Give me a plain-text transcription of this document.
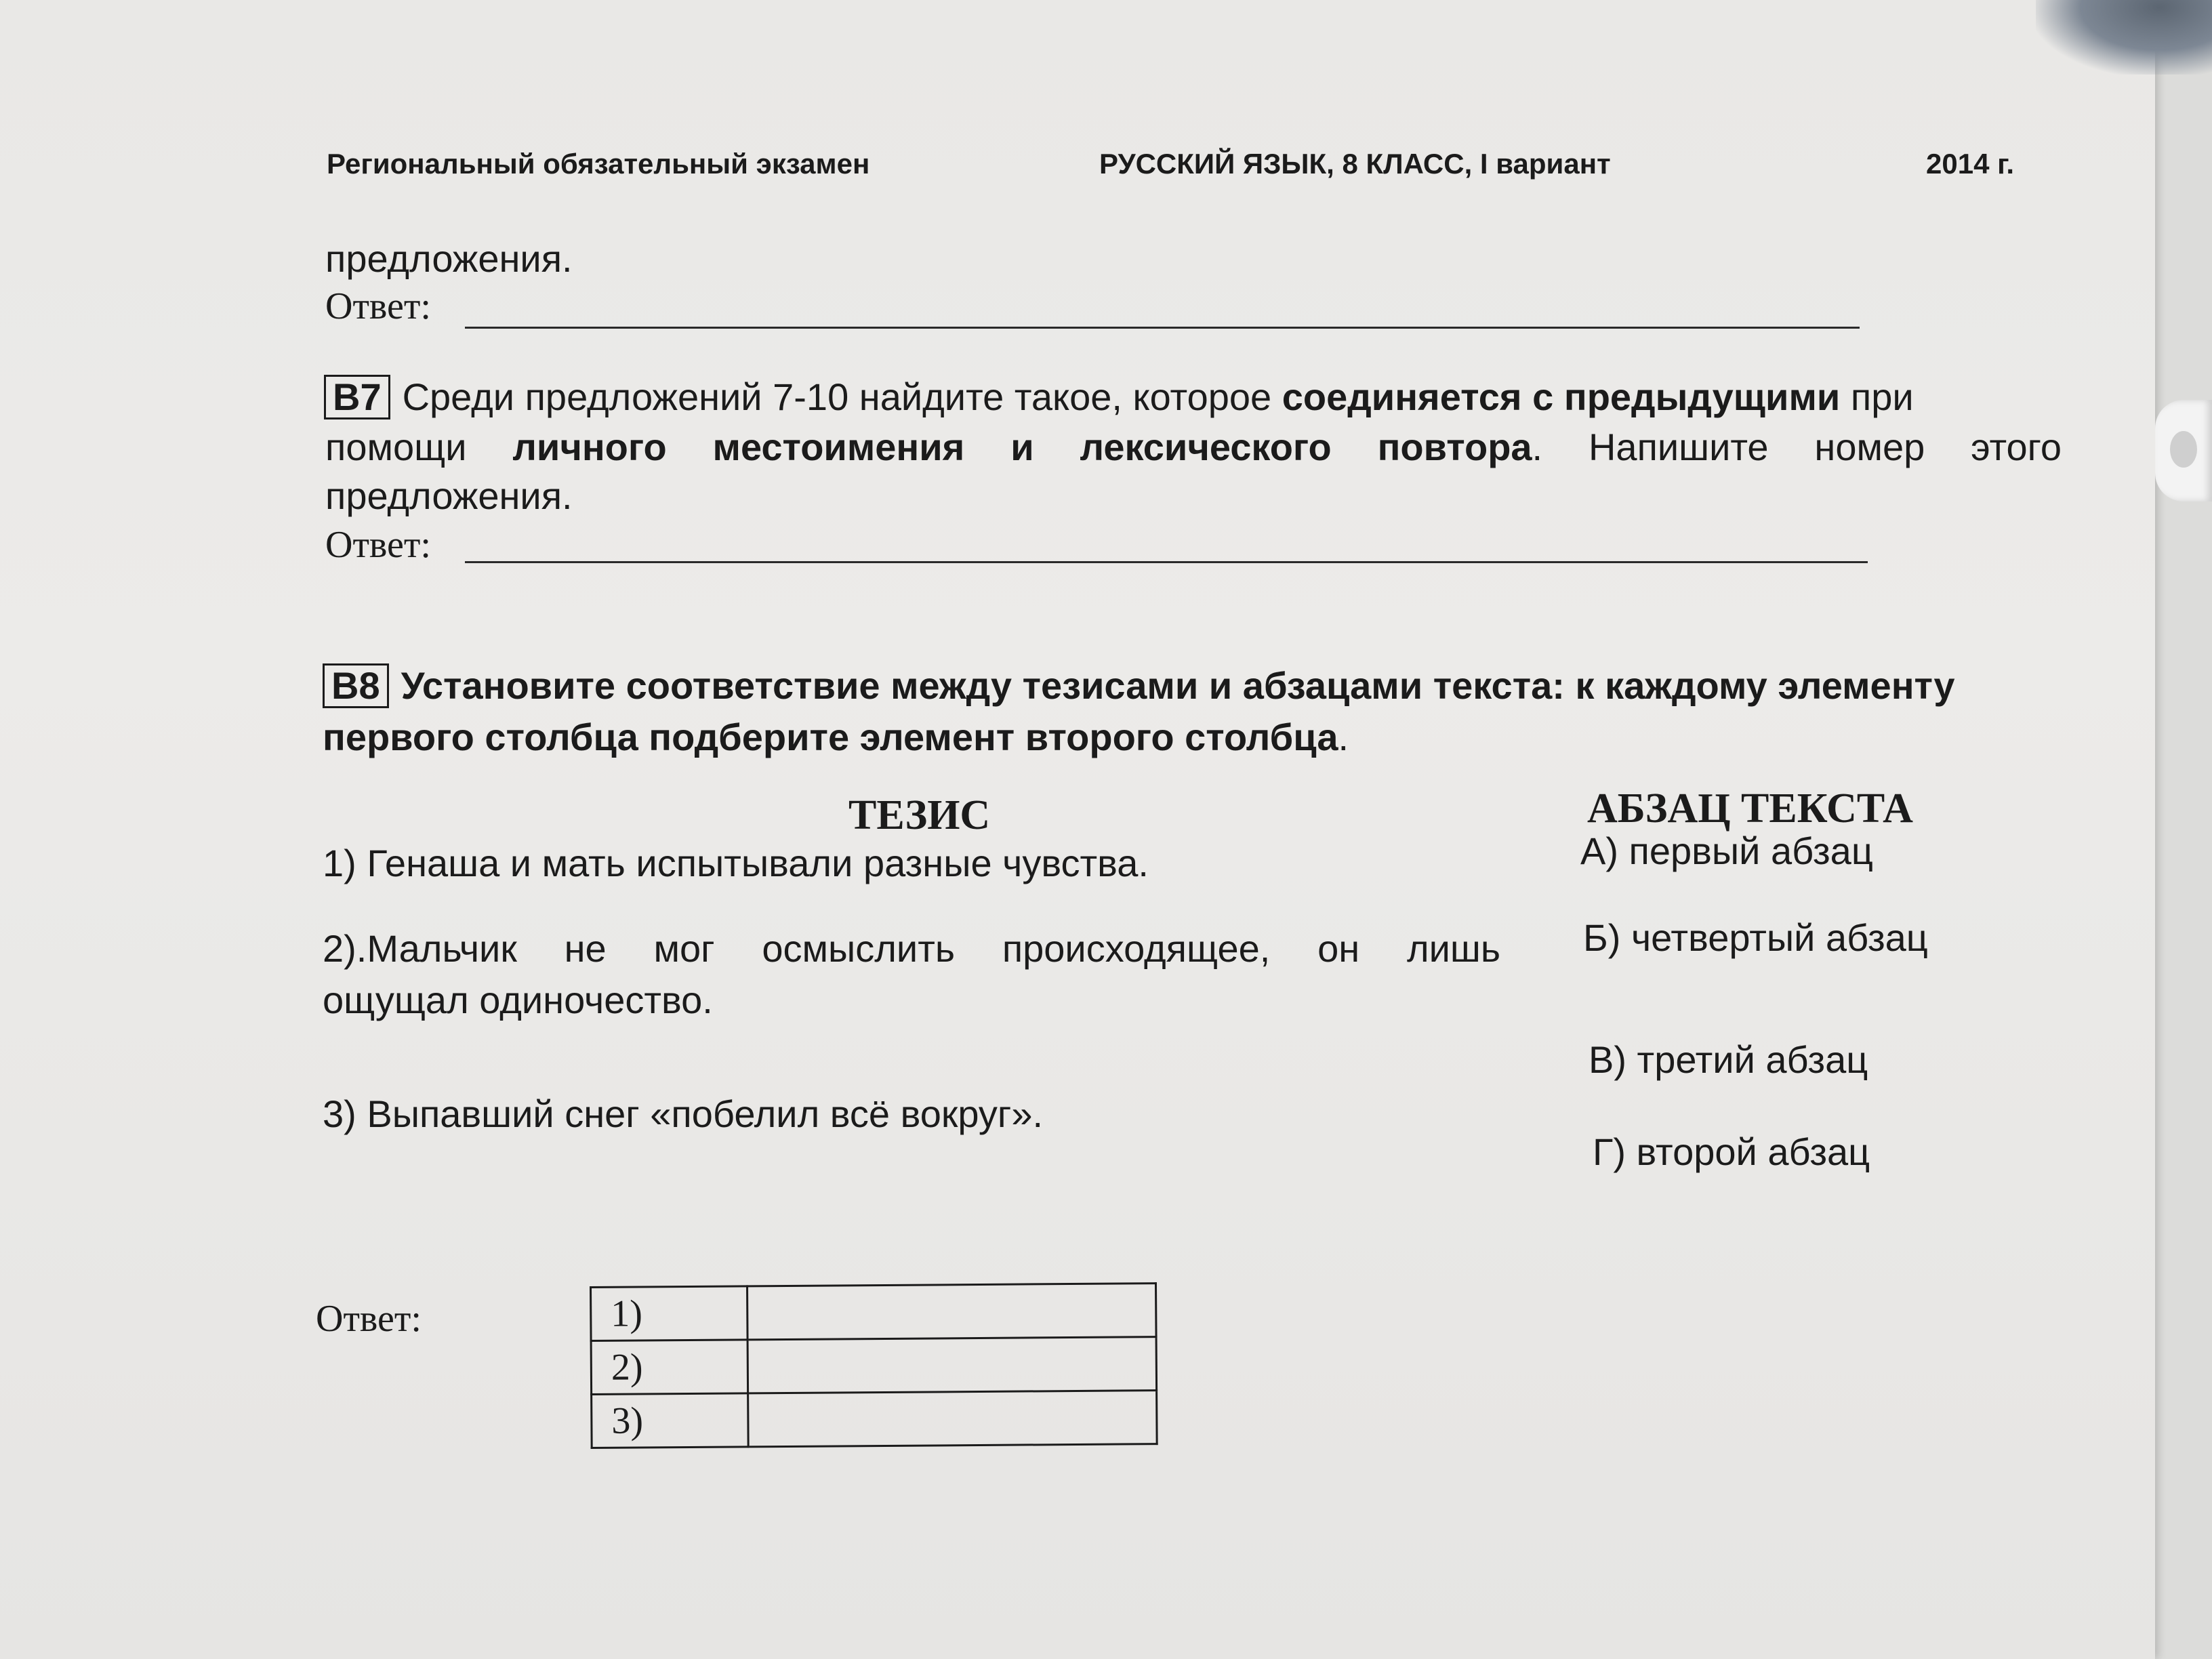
Региональный обязательный экзамен	РУССКИЙ ЯЗЫК, 8 КЛАСС, I вариант	2014 г.
предложения.
Ответ:
B7 Среди предложений 7-10 найдите такое, которое соединяется с предыдущими при
помощи личного местоимения и лексического повтора. Напишите номер этого
предложения.
Ответ:
B8 Установите соответствие между тезисами и абзацами текста: к каждому элементу
первого столбца подберите элемент второго столбца.
ТЕЗИС	АБЗАЦ ТЕКСТА
1) Генаша и мать испытывали разные чувства.
2).Мальчик не мог осмыслить происходящее, он лишь
ощущал одиночество.
3) Выпавший снег «побелил всё вокруг».
А) первый абзац
Б) четвертый абзац
В) третий абзац
Г) второй абзац
Ответ:	1)	
2)	
3)	
